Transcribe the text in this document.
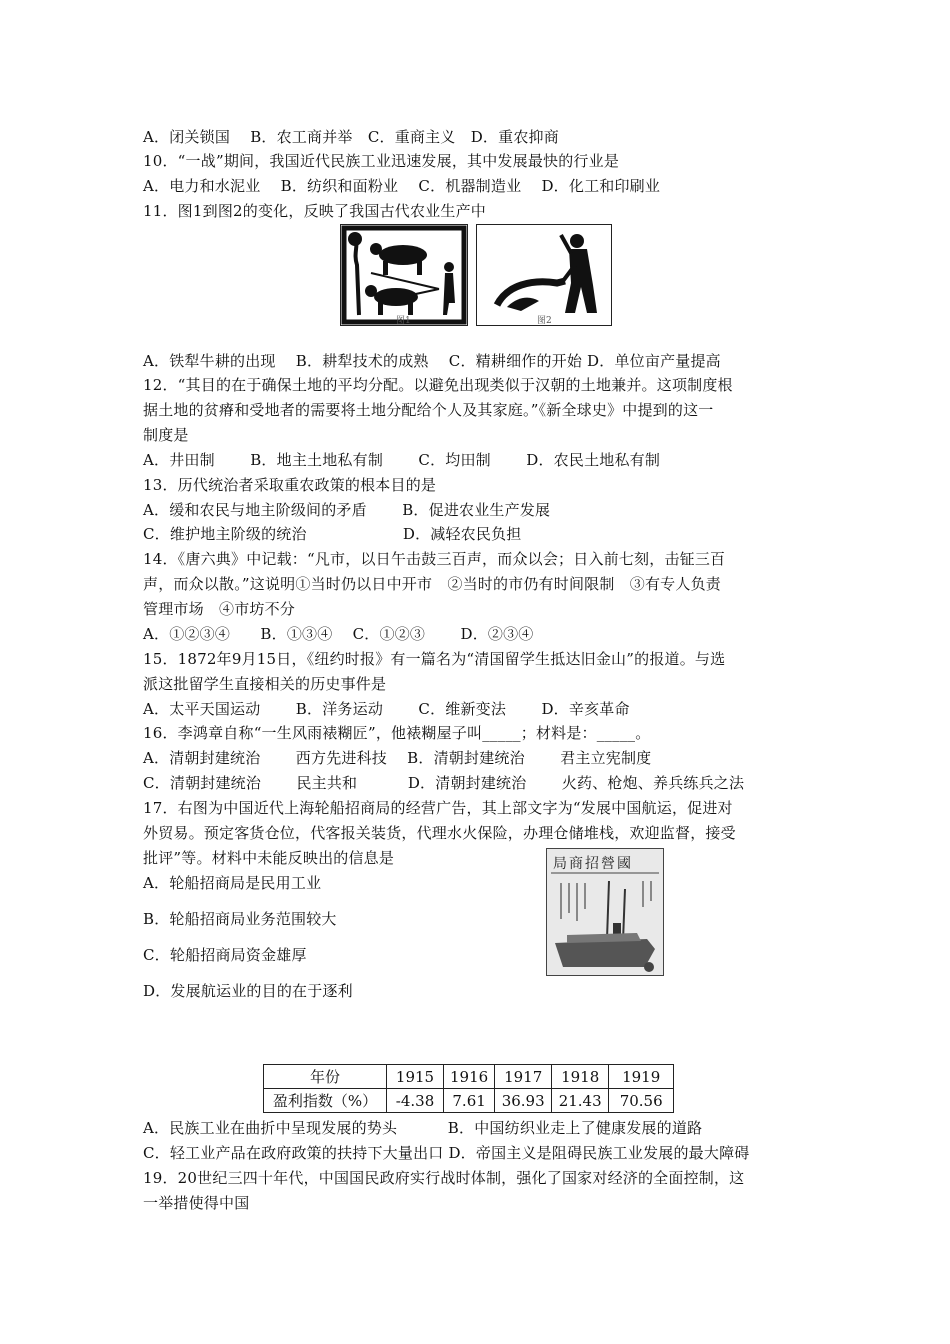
A．闭关锁国　 B．农工商并举　C．重商主义　D．重农抑商
10．“一战”期间，我国近代民族工业迅速发展，其中发展最快的行业是
A．电力和水泥业　 B．纺织和面粉业　 C．机器制造业　 D．化工和印刷业
11．图1到图2的变化，反映了我国古代农业生产中
图1	图2
A．铁犁牛耕的出现　 B．耕犁技术的成熟　 C．精耕细作的开始 D．单位亩产量提高
12．“其目的在于确保土地的平均分配。以避免出现类似于汉朝的土地兼并。这项制度根
据土地的贫瘠和受地者的需要将土地分配给个人及其家庭。”《新全球史》中提到的这一
制度是
A．井田制　　 B．地主土地私有制　　 C．均田制　　 D．农民土地私有制
13．历代统治者采取重农政策的根本目的是
A．缓和农民与地主阶级间的矛盾　　 B．促进农业生产发展
C．维护地主阶级的统治　　　　　　 D．减轻农民负担
14．《唐六典》中记载：“凡市，以日午击鼓三百声，而众以会；日入前七刻，击钲三百
声，而众以散。”这说明①当时仍以日中开市　②当时的市仍有时间限制　③有专人负责
管理市场　④市坊不分
A．①②③④　　B．①③④　 C．①②③　　 D．②③④
15．1872年9月15日，《纽约时报》有一篇名为“清国留学生抵达旧金山”的报道。与选
派这批留学生直接相关的历史事件是
A．太平天国运动　　 B．洋务运动　　 C．维新变法　　 D．辛亥革命
16．李鸿章自称“一生风雨裱糊匠”，他裱糊屋子叫_____；材料是：_____。
A．清朝封建统治　　 西方先进科技　 B．清朝封建统治　　 君主立宪制度
C．清朝封建统治　　 民主共和　　　 D．清朝封建统治　　 火药、枪炮、养兵练兵之法
17．右图为中国近代上海轮船招商局的经营广告，其上部文字为“发展中国航运，促进对
外贸易。预定客货仓位，代客报关装货，代理水火保险，办理仓储堆栈，欢迎监督，接受
批评”等。材料中未能反映出的信息是	局商招營國
A．轮船招商局是民用工业
B．轮船招商局业务范围较大
C．轮船招商局资金雄厚
D．发展航运业的目的在于逐利
年份	1915	1916	1917	1918	1919
盈利指数（%）	-4.38	7.61	36.93	21.43	70.56
A．民族工业在曲折中呈现发展的势头　　　 B．中国纺织业走上了健康发展的道路
C．轻工业产品在政府政策的扶持下大量出口 D．帝国主义是阻碍民族工业发展的最大障碍
19．20世纪三四十年代，中国国民政府实行战时体制，强化了国家对经济的全面控制，这
一举措使得中国
